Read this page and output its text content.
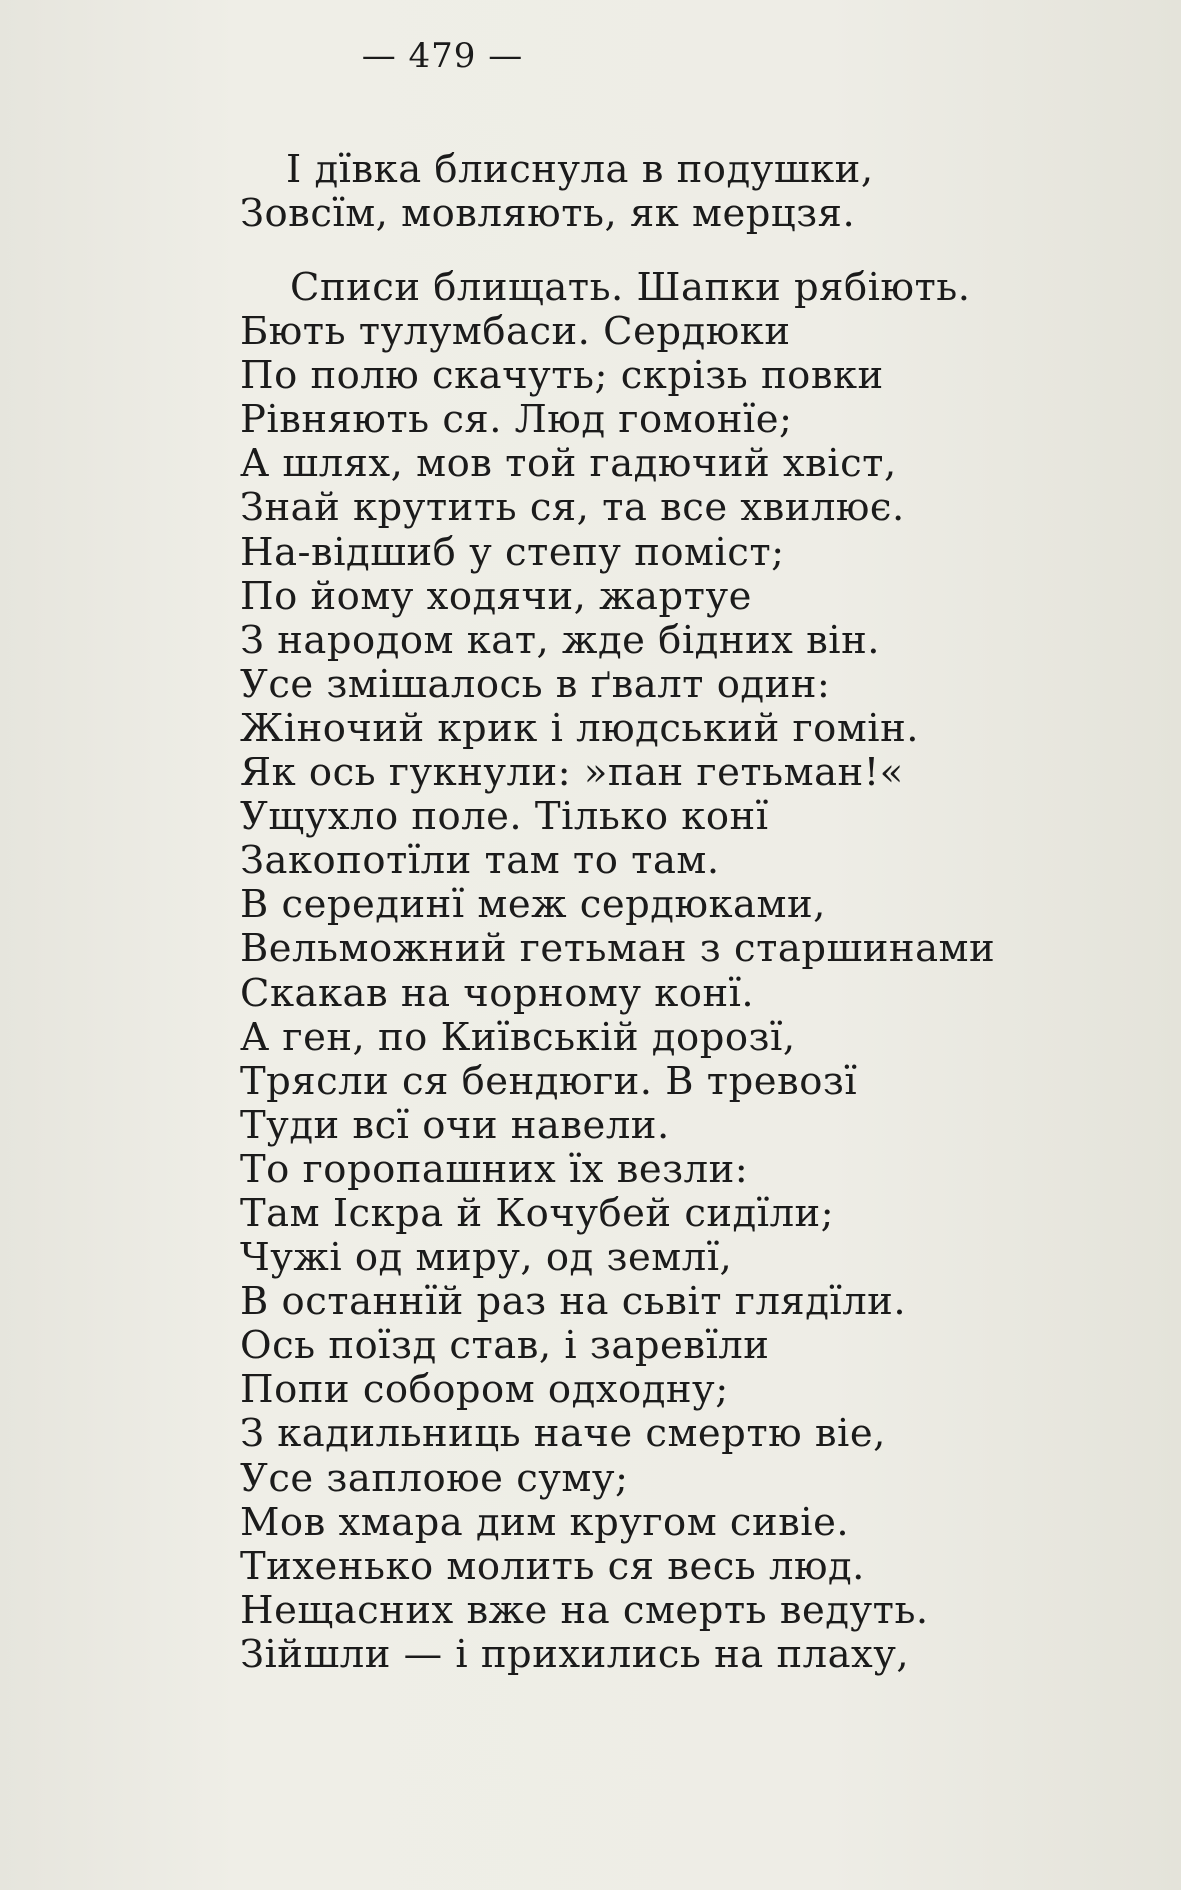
— 479 —
І дївка блиснула в подушки,
Зовсїм, мовляють, як мерцзя.
Списи блищать. Шапки рябіють.
Бють тулумбаси. Сердюки
По полю скачуть; скрізь повки
Рівняють ся. Люд гомонїе;
А шлях, мов той гадючий хвіст,
Знай крутить ся, та все хвилює.
На-відшиб у степу поміст;
По йому ходячи, жартуе
З народом кат, жде бідних він.
Усе змішалось в ґвалт один:
Жіночий крик і людський гомін.
Як ось гукнули: »пан гетьман!«
Ущухло поле. Тілько конї
Закопотїли там то там.
В серединї меж сердюками,
Вельможний гетьман з старшинами
Скакав на чорному конї.
А ген, по Київській дорозї,
Трясли ся бендюги. В тревозї
Туди всї очи навели.
То горопашних їх везли:
Там Іскра й Кочубей сидїли;
Чужі од миру, од землї,
В останнїй раз на сьвіт глядїли.
Ось поїзд став, і заревїли
Попи собором одходну;
З кадильниць наче смертю віе,
Усе заплоюе суму;
Мов хмара дим кругом сивіе.
Тихенько молить ся весь люд.
Нещасних вже на смерть ведуть.
Зійшли — і прихились на плаху,
